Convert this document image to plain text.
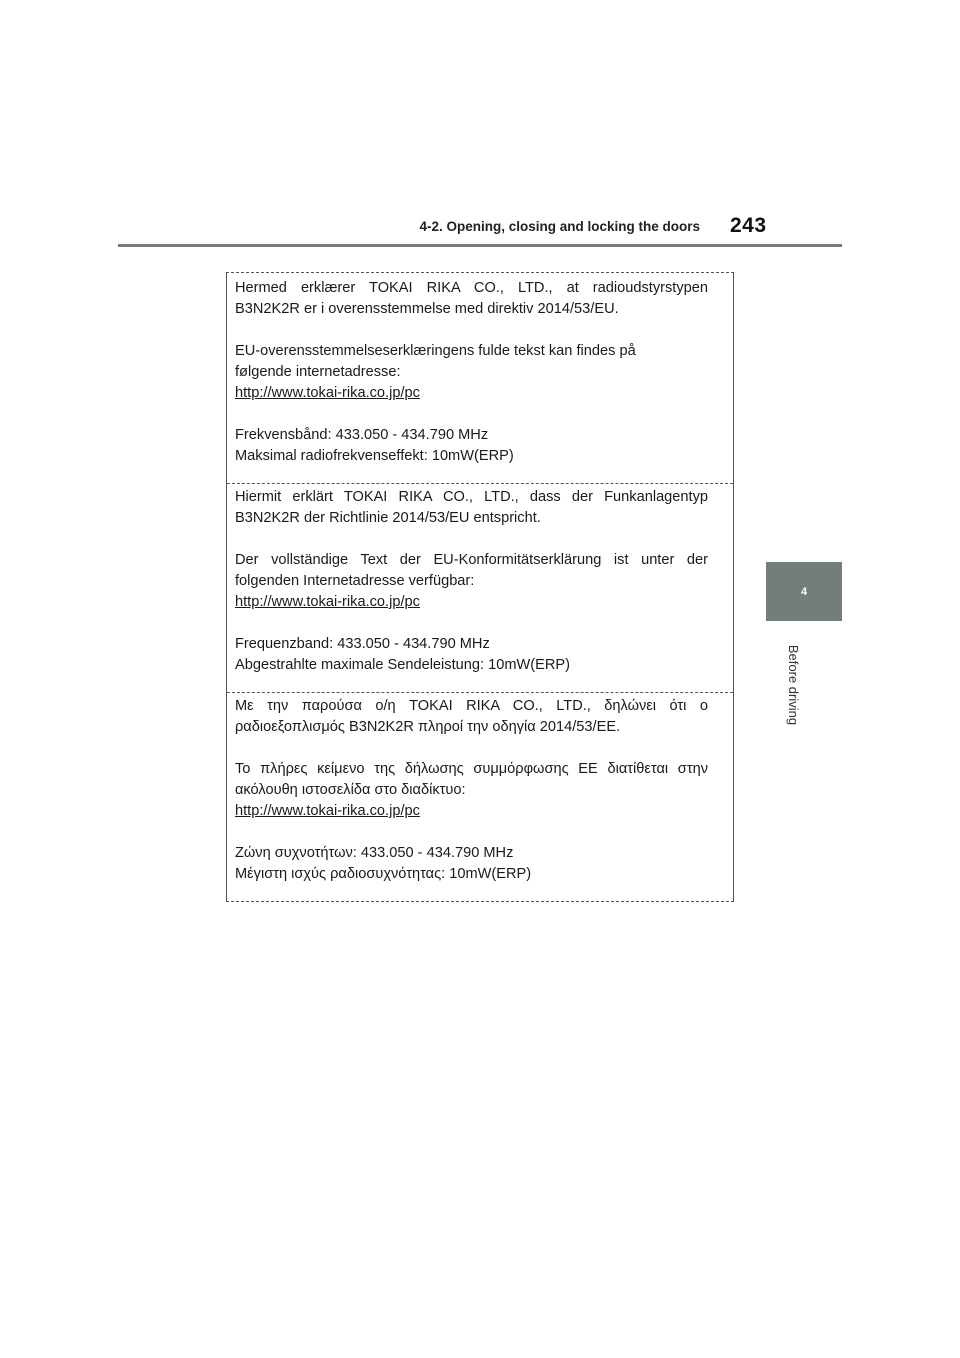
4-2. Opening, closing and locking the doors 243
4
Before driving
Hermed erklærer TOKAI RIKA CO., LTD., at radioudstyrstypen
B3N2K2R er i overensstemmelse med direktiv 2014/53/EU.
EU-overensstemmelseserklæringens fulde tekst kan findes på
følgende internetadresse:
http://www.tokai-rika.co.jp/pc
Frekvensbånd: 433.050 - 434.790 MHz
Maksimal radiofrekvenseffekt: 10mW(ERP)
Hiermit erklärt TOKAI RIKA CO., LTD., dass der Funkanlagentyp
B3N2K2R der Richtlinie 2014/53/EU entspricht.
Der vollständige Text der EU-Konformitätserklärung ist unter der
folgenden Internetadresse verfügbar:
http://www.tokai-rika.co.jp/pc
Frequenzband: 433.050 - 434.790 MHz
Abgestrahlte maximale Sendeleistung: 10mW(ERP)
Με την παρούσα ο/η TOKAI RIKA CO., LTD., δηλώνει ότι ο
ραδιοεξοπλισμός B3N2K2R πληροί την οδηγία 2014/53/ΕΕ.
Το πλήρες κείμενο της δήλωσης συμμόρφωσης ΕΕ διατίθεται στην
ακόλουθη ιστοσελίδα στο διαδίκτυο:
http://www.tokai-rika.co.jp/pc
Ζώνη συχνοτήτων: 433.050 - 434.790 MHz
Μέγιστη ισχύς ραδιοσυχνότητας: 10mW(ERP)
